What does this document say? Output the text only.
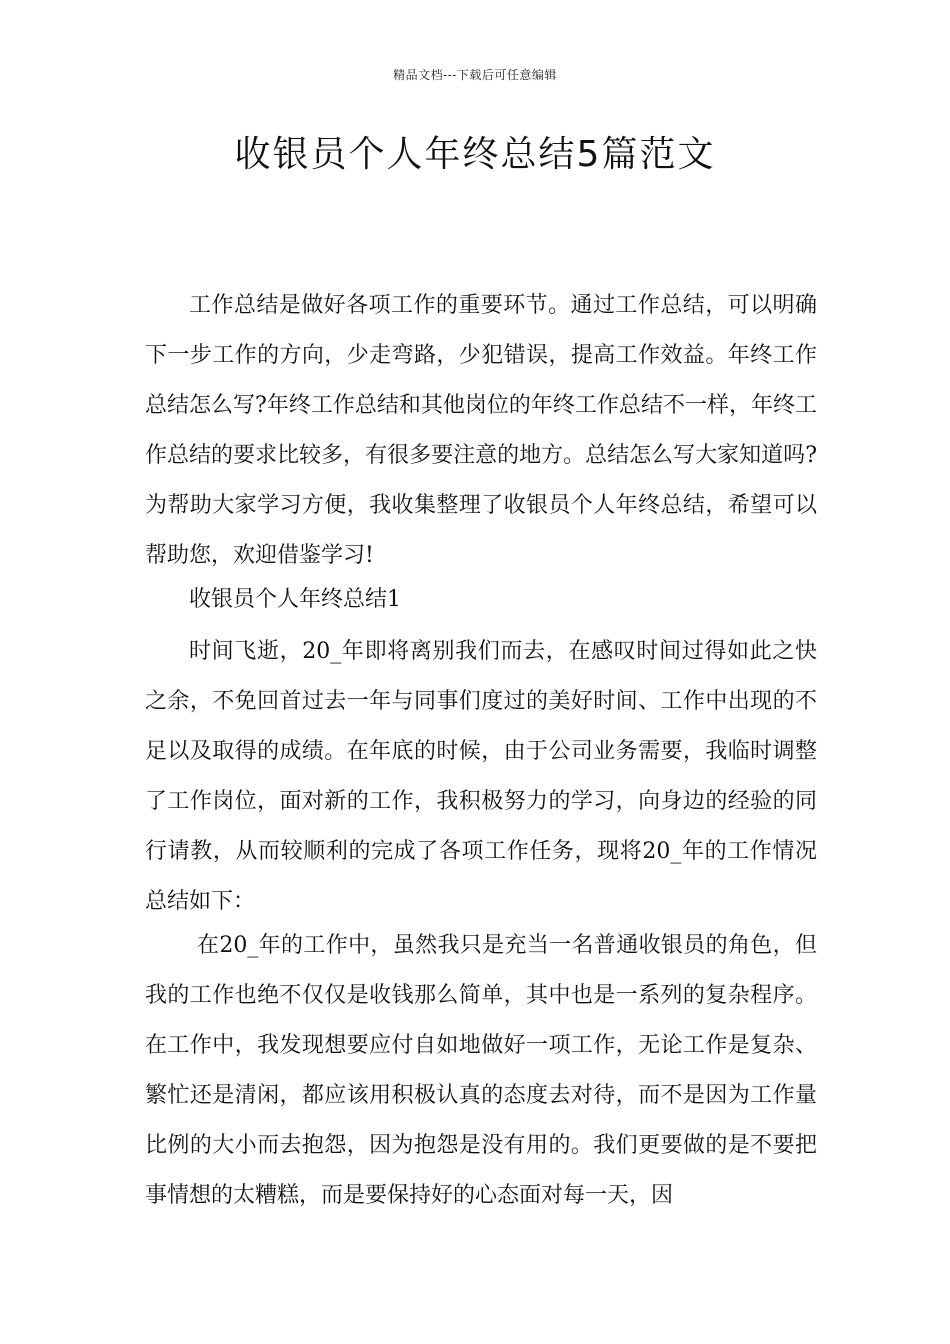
精品文档---下载后可任意编辑
收银员个人年终总结5篇范文

工作总结是做好各项工作的重要环节。通过工作总结，可以明确下一步工作的方向，少走弯路，少犯错误，提高工作效益。年终工作总结怎么写?年终工作总结和其他岗位的年终工作总结不一样，年终工作总结的要求比较多，有很多要注意的地方。总结怎么写大家知道吗?为帮助大家学习方便，我收集整理了收银员个人年终总结，希望可以帮助您，欢迎借鉴学习!

收银员个人年终总结1

时间飞逝，20_年即将离别我们而去，在感叹时间过得如此之快之余，不免回首过去一年与同事们度过的美好时间、工作中出现的不足以及取得的成绩。在年底的时候，由于公司业务需要，我临时调整了工作岗位，面对新的工作，我积极努力的学习，向身边的经验的同行请教，从而较顺利的完成了各项工作任务，现将20_年的工作情况总结如下：

在20_年的工作中，虽然我只是充当一名普通收银员的角色，但我的工作也绝不仅仅是收钱那么简单，其中也是一系列的复杂程序。在工作中，我发现想要应付自如地做好一项工作，无论工作是复杂、繁忙还是清闲，都应该用积极认真的态度去对待，而不是因为工作量比例的大小而去抱怨，因为抱怨是没有用的。我们更要做的是不要把事情想的太糟糕，而是要保持好的心态面对每一天，因
